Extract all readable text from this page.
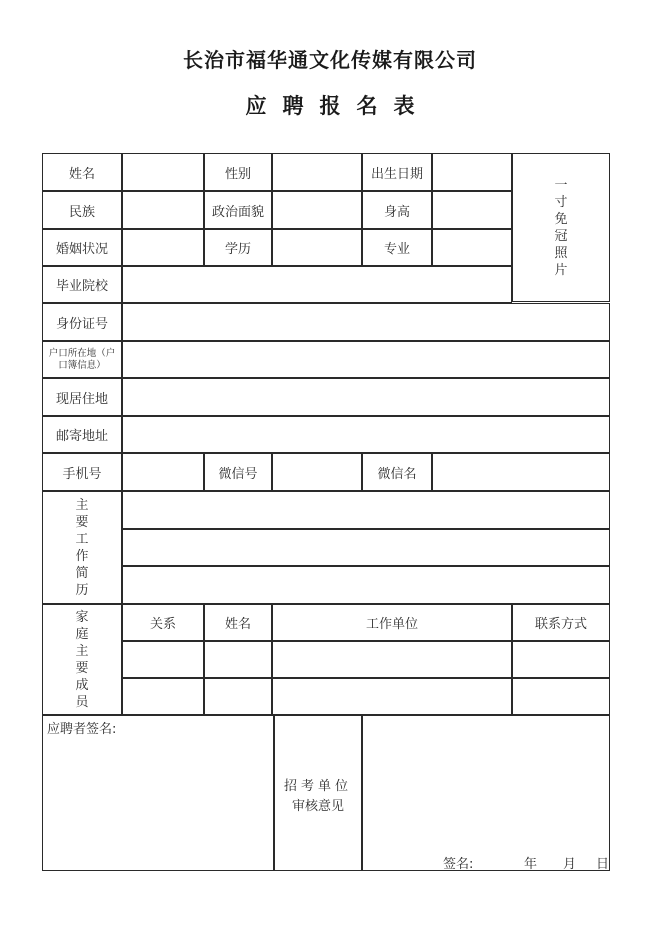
长治市福华通文化传媒有限公司
应聘报名表
姓名	性别	出生日期
一寸免冠照片
民族	政治面貌	身高
婚姻状况	学历	专业
毕业院校
身份证号
户口所在地（户口簿信息）
现居住地
邮寄地址
手机号	微信号	微信名
主要工作简历
家庭主要成员
关系	姓名	工作单位	联系方式
应聘者签名:
招考单位
审核意见
签名:	年 月 日
